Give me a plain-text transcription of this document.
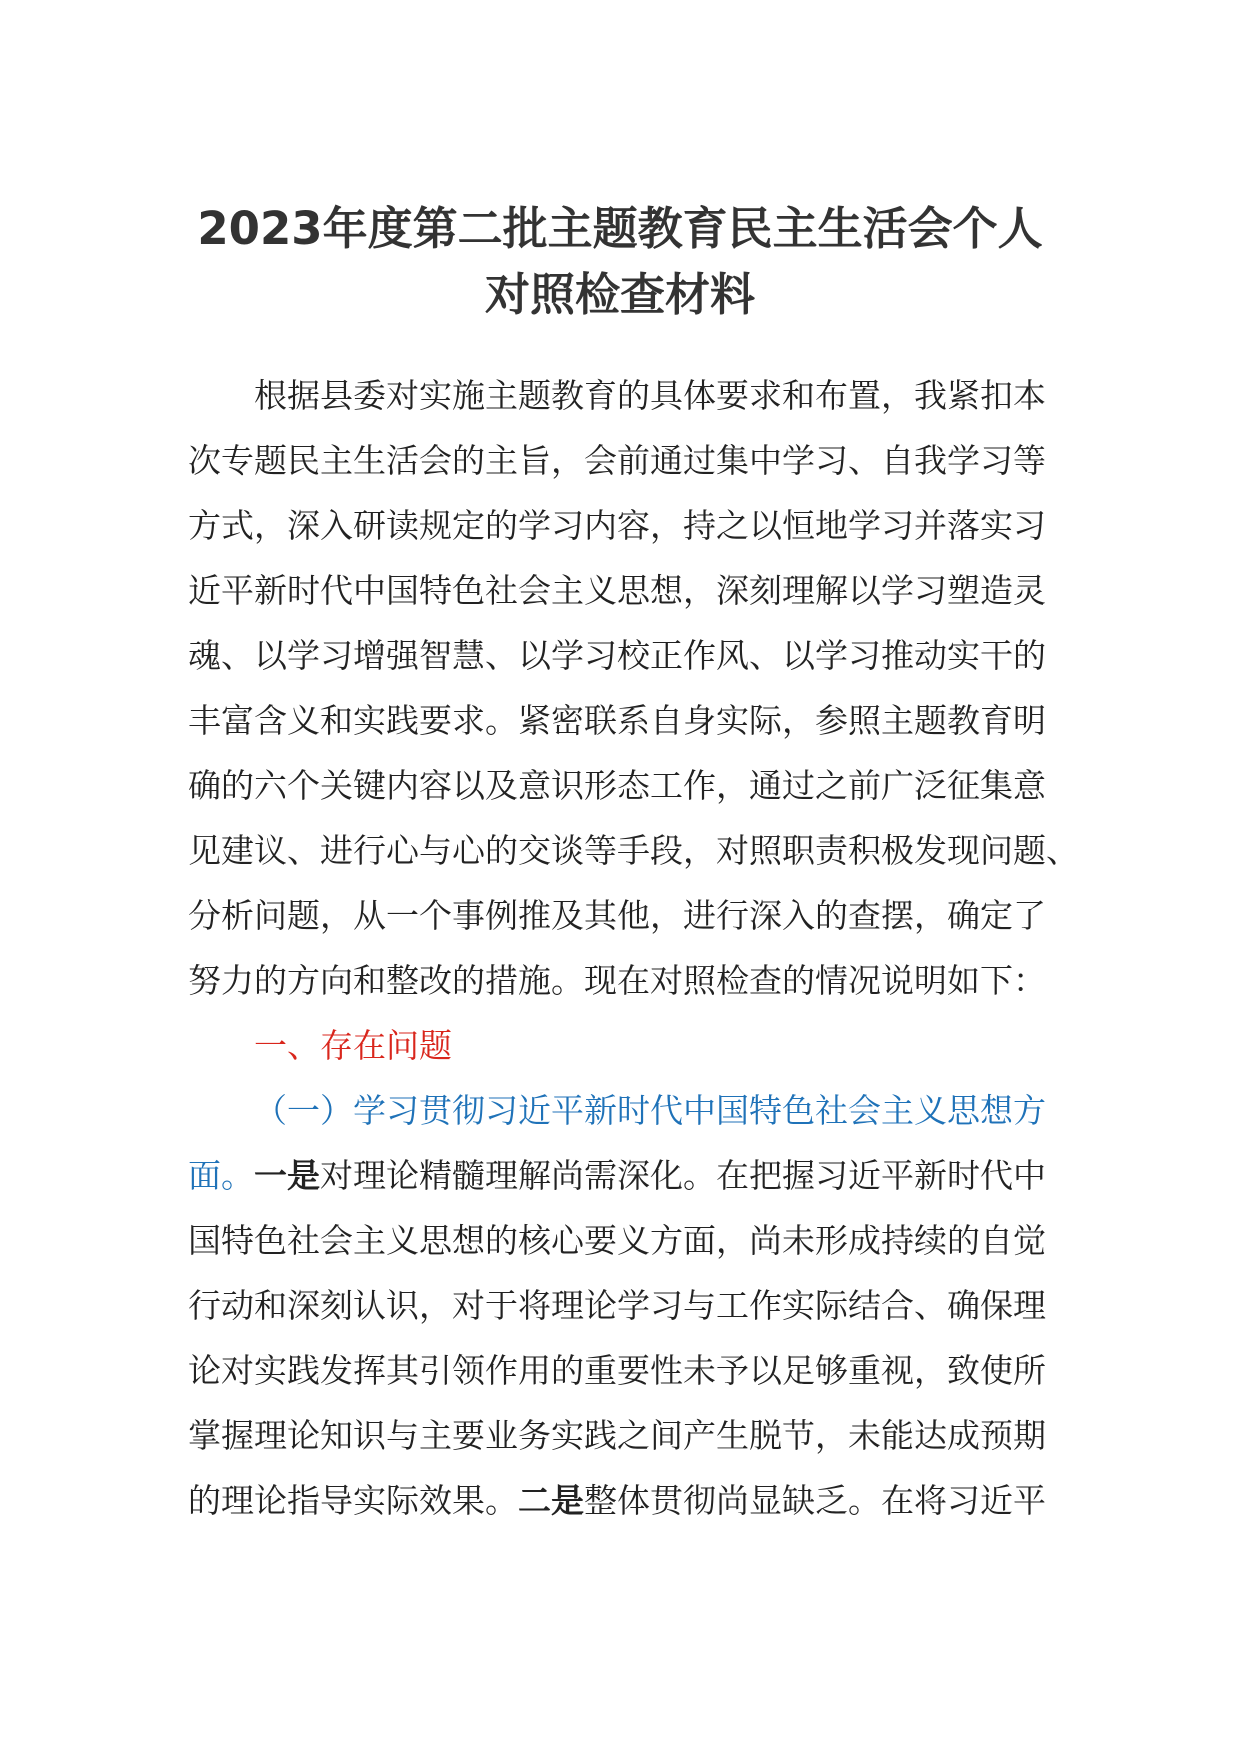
2023年度第二批主题教育民主生活会个人
对照检查材料
根据县委对实施主题教育的具体要求和布置，我紧扣本
次专题民主生活会的主旨，会前通过集中学习、自我学习等
方式，深入研读规定的学习内容，持之以恒地学习并落实习
近平新时代中国特色社会主义思想，深刻理解以学习塑造灵
魂、以学习增强智慧、以学习校正作风、以学习推动实干的
丰富含义和实践要求。紧密联系自身实际，参照主题教育明
确的六个关键内容以及意识形态工作，通过之前广泛征集意
见建议、进行心与心的交谈等手段，对照职责积极发现问题、
分析问题，从一个事例推及其他，进行深入的查摆，确定了
努力的方向和整改的措施。现在对照检查的情况说明如下：
一、存在问题
（一）学习贯彻习近平新时代中国特色社会主义思想方
面。一是对理论精髓理解尚需深化。在把握习近平新时代中
国特色社会主义思想的核心要义方面，尚未形成持续的自觉
行动和深刻认识，对于将理论学习与工作实际结合、确保理
论对实践发挥其引领作用的重要性未予以足够重视，致使所
掌握理论知识与主要业务实践之间产生脱节，未能达成预期
的理论指导实际效果。二是整体贯彻尚显缺乏。在将习近平
